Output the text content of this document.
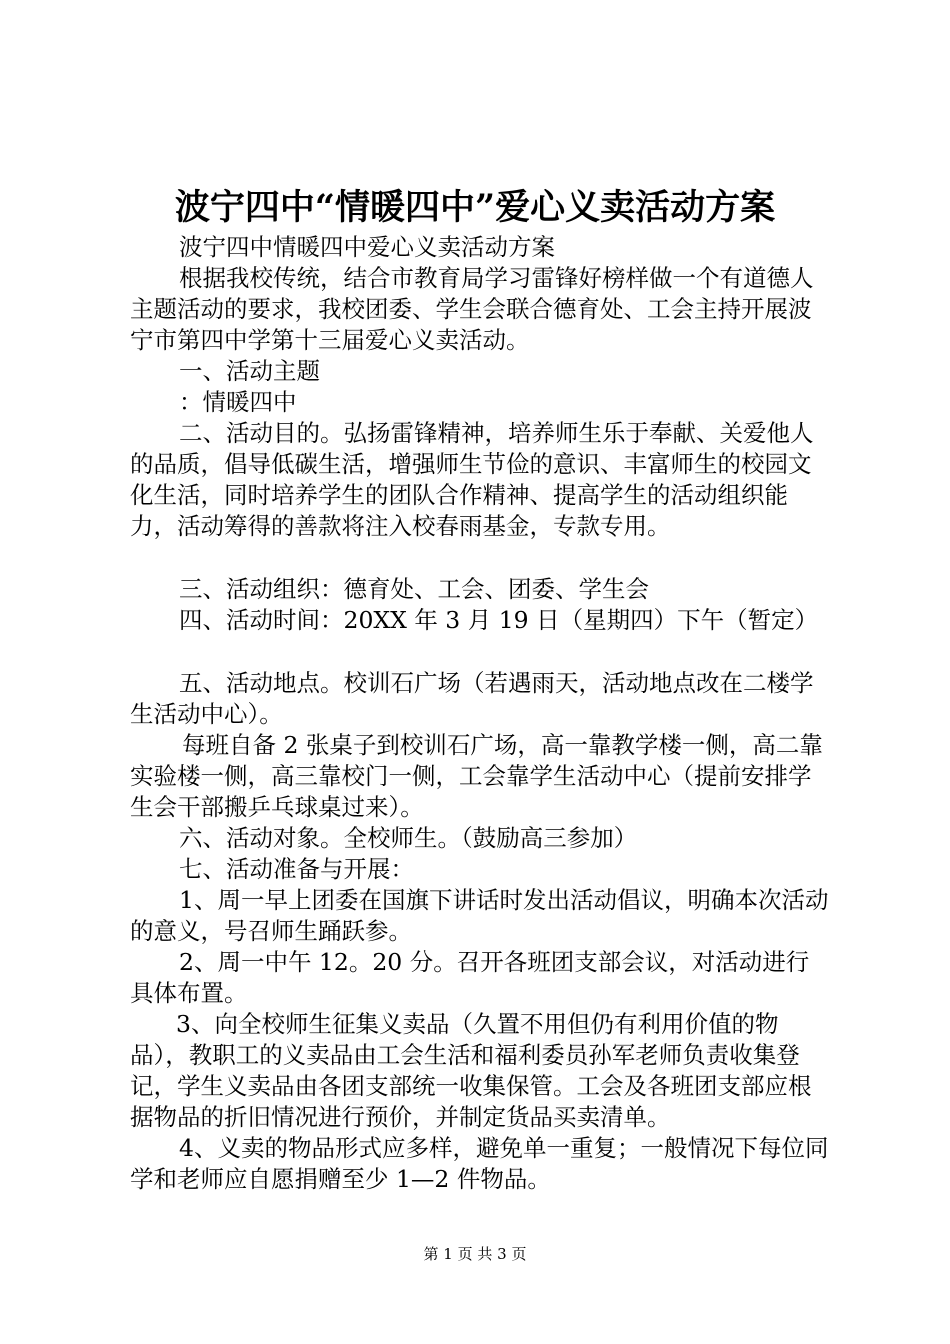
波宁四中“情暖四中”爱心义卖活动方案

波宁四中情暖四中爱心义卖活动方案

根据我校传统，结合市教育局学习雷锋好榜样做一个有道德人主题活动的要求，我校团委、学生会联合德育处、工会主持开展波宁市第四中学第十三届爱心义卖活动。

一、活动主题

：情暖四中

二、活动目的。弘扬雷锋精神，培养师生乐于奉献、关爱他人的品质，倡导低碳生活，增强师生节俭的意识、丰富师生的校园文化生活，同时培养学生的团队合作精神、提高学生的活动组织能力，活动筹得的善款将注入校春雨基金，专款专用。

三、活动组织：德育处、工会、团委、学生会

四、活动时间：20XX 年 3 月 19 日（星期四）下午（暂定）

五、活动地点。校训石广场（若遇雨天，活动地点改在二楼学生活动中心）。

每班自备 2 张桌子到校训石广场，高一靠教学楼一侧，高二靠实验楼一侧，高三靠校门一侧，工会靠学生活动中心（提前安排学生会干部搬乒乓球桌过来）。

六、活动对象。全校师生。（鼓励高三参加）

七、活动准备与开展：

1、周一早上团委在国旗下讲话时发出活动倡议，明确本次活动的意义，号召师生踊跃参。

2、周一中午 12。20 分。召开各班团支部会议，对活动进行具体布置。

3、向全校师生征集义卖品（久置不用但仍有利用价值的物品），教职工的义卖品由工会生活和福利委员孙军老师负责收集登记，学生义卖品由各团支部统一收集保管。工会及各班团支部应根据物品的折旧情况进行预价，并制定货品买卖清单。

4、义卖的物品形式应多样，避免单一重复；一般情况下每位同学和老师应自愿捐赠至少 1—2 件物品。

第 1 页 共 3 页
